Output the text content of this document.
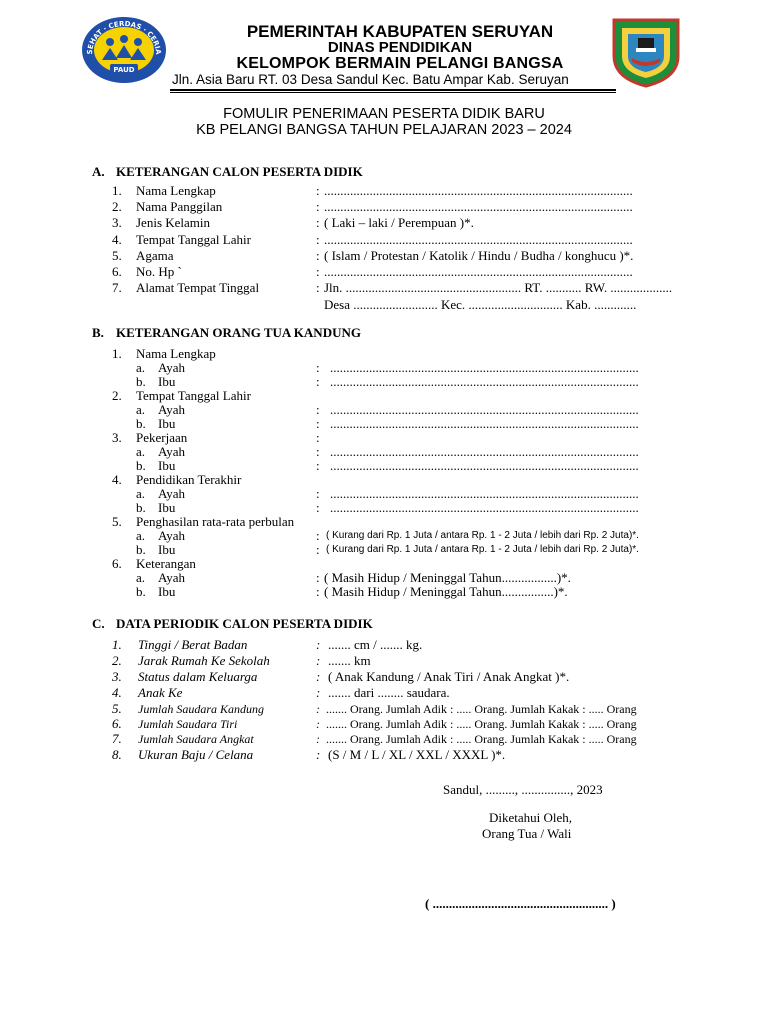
SEHAT · CERDAS · CERIA
PAUD
PEMERINTAH KABUPATEN SERUYAN
DINAS PENDIDIKAN
KELOMPOK BERMAIN PELANGI BANGSA
Jln. Asia Baru RT. 03 Desa Sandul Kec. Batu Ampar Kab. Seruyan
FOMULIR PENERIMAAN PESERTA DIDIK BARU
KB PELANGI BANGSA TAHUN PELAJARAN 2023 – 2024
A. KETERANGAN CALON PESERTA DIDIK
1. Nama Lengkap	: ...............................................................................................
2. Nama Panggilan	: ...............................................................................................
3. Jenis Kelamin	: ( Laki – laki / Perempuan )*.
4. Tempat Tanggal Lahir	: ...............................................................................................
5. Agama	: ( Islam / Protestan / Katolik / Hindu / Budha / konghucu )*.
6. No. Hp `	: ...............................................................................................
7. Alamat Tempat Tinggal	: Jln. ...................................................... RT. ........... RW. ...................
Desa .......................... Kec. ............................. Kab. .............
B. KETERANGAN ORANG TUA KANDUNG
1. Nama Lengkap
a. Ayah	: ...............................................................................................
b. Ibu	: ...............................................................................................
2. Tempat Tanggal Lahir
a. Ayah	: ...............................................................................................
b. Ibu	: ...............................................................................................
3. Pekerjaan	:
a. Ayah	: ...............................................................................................
b. Ibu	: ...............................................................................................
4. Pendidikan Terakhir
a. Ayah	: ...............................................................................................
b. Ibu	: ...............................................................................................
5. Penghasilan rata-rata perbulan
a. Ayah	: ( Kurang dari Rp. 1 Juta / antara Rp. 1 - 2 Juta / lebih dari Rp. 2 Juta)*.
b. Ibu	: ( Kurang dari Rp. 1 Juta / antara Rp. 1 - 2 Juta / lebih dari Rp. 2 Juta)*.
6. Keterangan
a. Ayah	: ( Masih Hidup / Meninggal Tahun.................)*.
b. Ibu	: ( Masih Hidup / Meninggal Tahun................)*.
C. DATA PERIODIK CALON PESERTA DIDIK
1. Tinggi / Berat Badan	: ....... cm / ....... kg.
2. Jarak Rumah Ke Sekolah	: ....... km
3. Status dalam Keluarga	: ( Anak Kandung / Anak Tiri / Anak Angkat )*.
4. Anak Ke	: ....... dari ........ saudara.
5. Jumlah Saudara Kandung	: ....... Orang. Jumlah Adik : ..... Orang. Jumlah Kakak : ..... Orang
6. Jumlah Saudara Tiri	: ....... Orang. Jumlah Adik : ..... Orang. Jumlah Kakak : ..... Orang
7. Jumlah Saudara Angkat	: ....... Orang. Jumlah Adik : ..... Orang. Jumlah Kakak : ..... Orang
8. Ukuran Baju / Celana	: (S / M / L / XL / XXL / XXXL )*.
Sandul, ........., ..............., 2023
Diketahui Oleh,
Orang Tua / Wali
( ...................................................... )
